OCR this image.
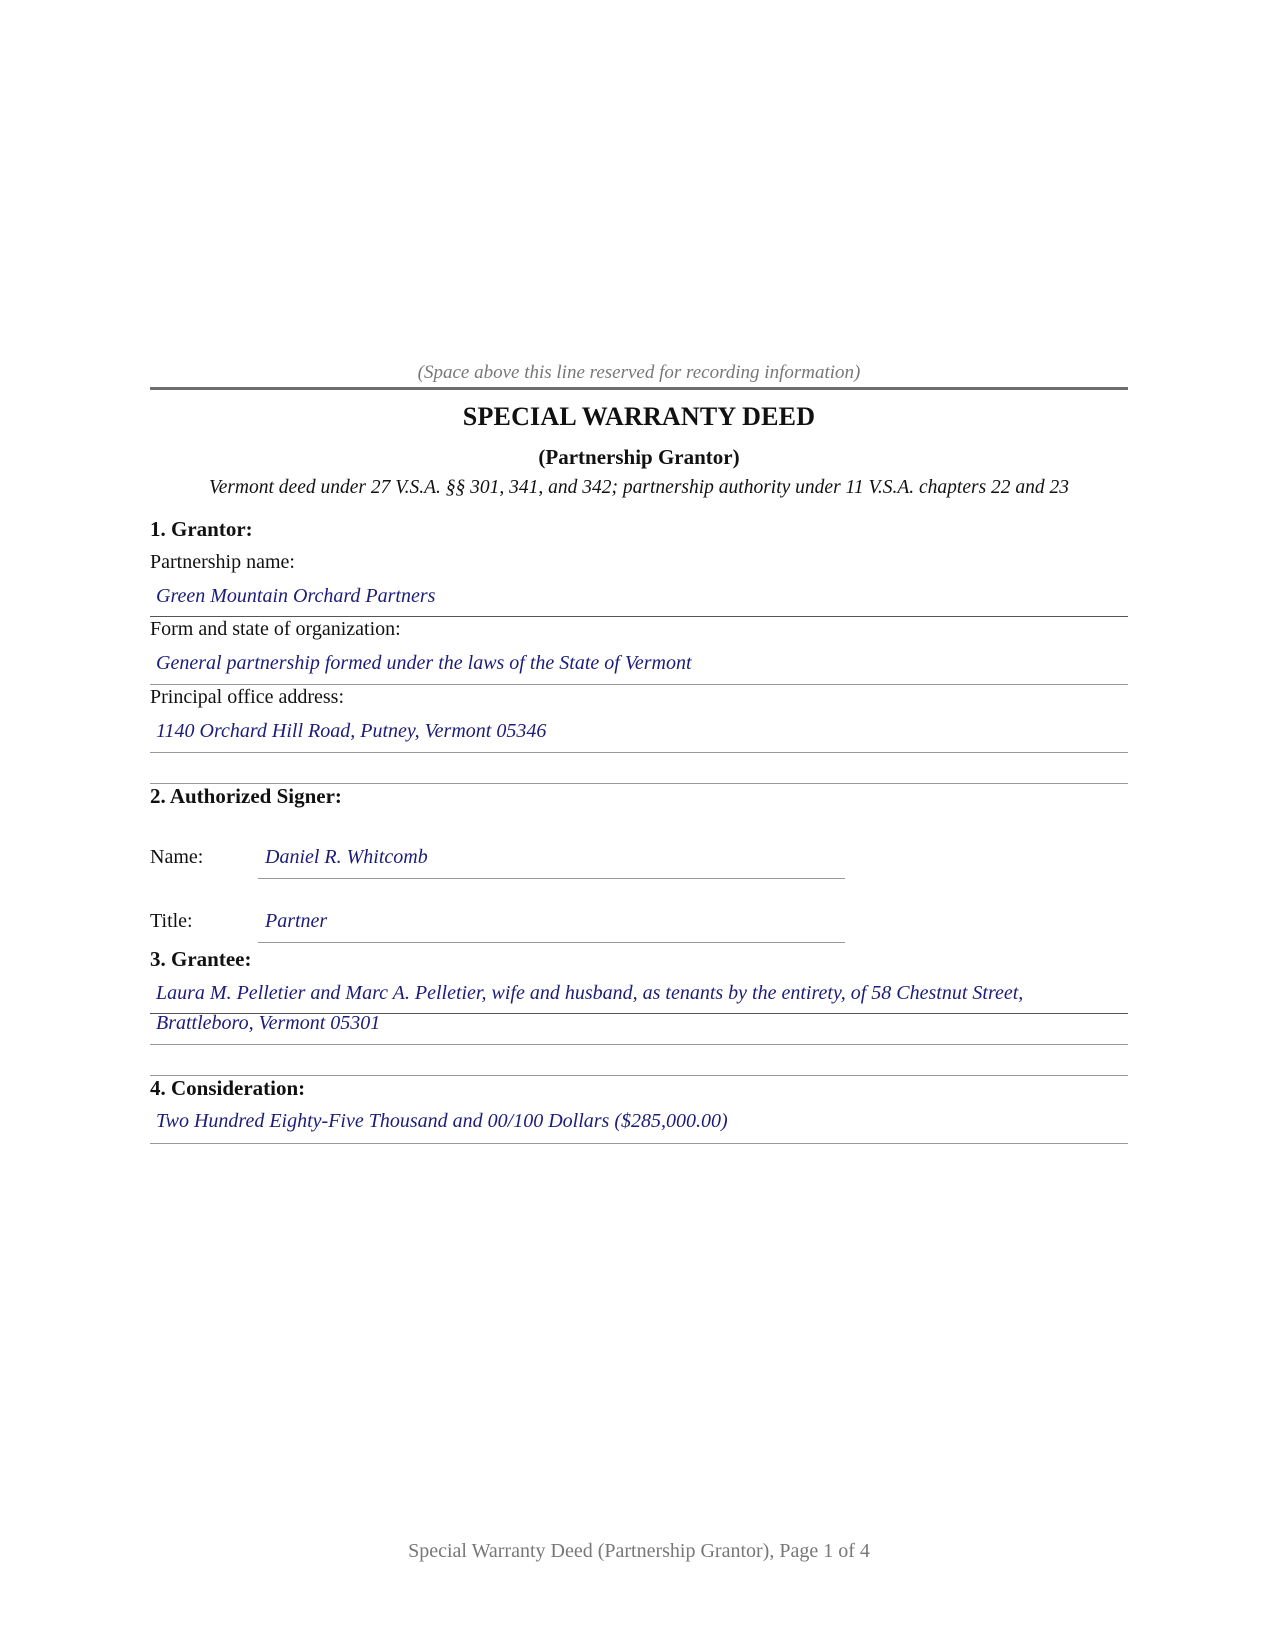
(Space above this line reserved for recording information)
SPECIAL WARRANTY DEED
(Partnership Grantor)
Vermont deed under 27 V.S.A. §§ 301, 341, and 342; partnership authority under 11 V.S.A. chapters 22 and 23
1. Grantor:
Partnership name:
Green Mountain Orchard Partners
Form and state of organization:
General partnership formed under the laws of the State of Vermont
Principal office address:
1140 Orchard Hill Road, Putney, Vermont 05346
2. Authorized Signer:
Name:	Daniel R. Whitcomb
Title:	Partner
3. Grantee:
Laura M. Pelletier and Marc A. Pelletier, wife and husband, as tenants by the entirety, of 58 Chestnut Street,
Brattleboro, Vermont 05301
4. Consideration:
Two Hundred Eighty-Five Thousand and 00/100 Dollars ($285,000.00)
Special Warranty Deed (Partnership Grantor), Page 1 of 4
